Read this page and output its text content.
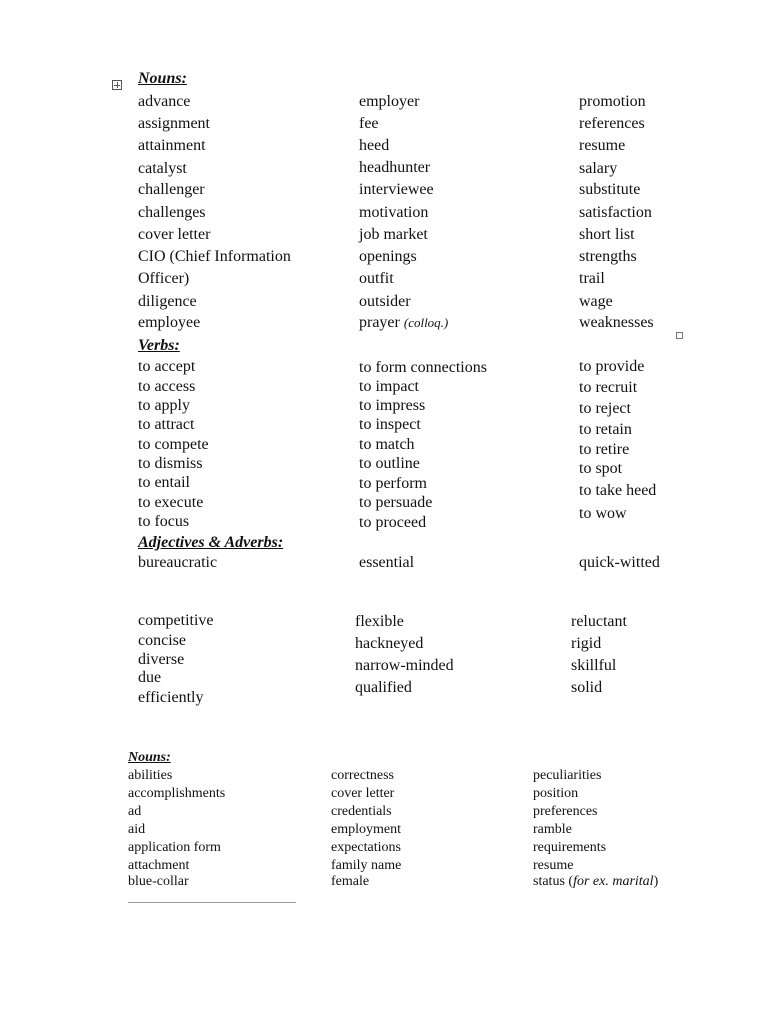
Nouns:
advance
assignment
attainment
catalyst
challenger
challenges
cover letter
CIO (Chief Information
Officer)
diligence
employee
employer
fee
heed
headhunter
interviewee
motivation
job market
openings
outfit
outsider
prayer (colloq.)
promotion
references
resume
salary
substitute
satisfaction
short list
strengths
trail
wage
weaknesses
Verbs:
to accept
to access
to apply
to attract
to compete
to dismiss
to entail
to execute
to focus
to form connections
to impact
to impress
to inspect
to match
to outline
to perform
to persuade
to proceed
to provide
to recruit
to reject
to retain
to retire
to spot
to take heed
to wow
Adjectives & Adverbs:
bureaucratic	essential	quick-witted
competitive
concise
diverse
due
efficiently
flexible
hackneyed
narrow-minded
qualified
reluctant
rigid
skillful
solid
Nouns:
abilities
accomplishments
ad
aid
application form
attachment
blue-collar
correctness
cover letter
credentials
employment
expectations
family name
female
peculiarities
position
preferences
ramble
requirements
resume
status (for ex. marital)
